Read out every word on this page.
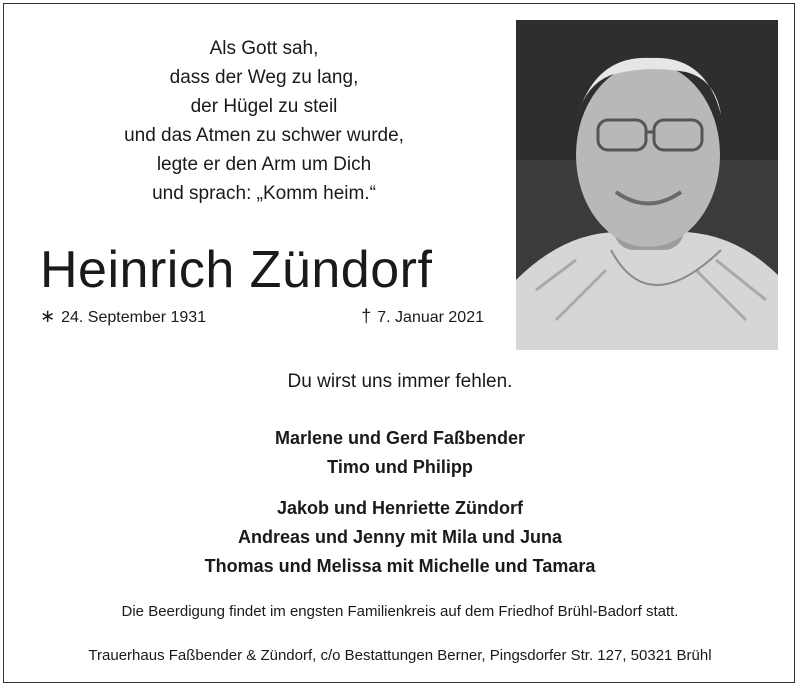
Als Gott sah,
dass der Weg zu lang,
der Hügel zu steil
und das Atmen zu schwer wurde,
legte er den Arm um Dich
und sprach: „Komm heim.“
Heinrich Zündorf
∗ 24. September 1931	† 7. Januar 2021
Du wirst uns immer fehlen.
Marlene und Gerd Faßbender
Timo und Philipp
Jakob und Henriette Zündorf
Andreas und Jenny mit Mila und Juna
Thomas und Melissa mit Michelle und Tamara
Die Beerdigung findet im engsten Familienkreis auf dem Friedhof Brühl-Badorf statt.
Trauerhaus Faßbender & Zündorf, c/o Bestattungen Berner, Pingsdorfer Str. 127, 50321 Brühl
